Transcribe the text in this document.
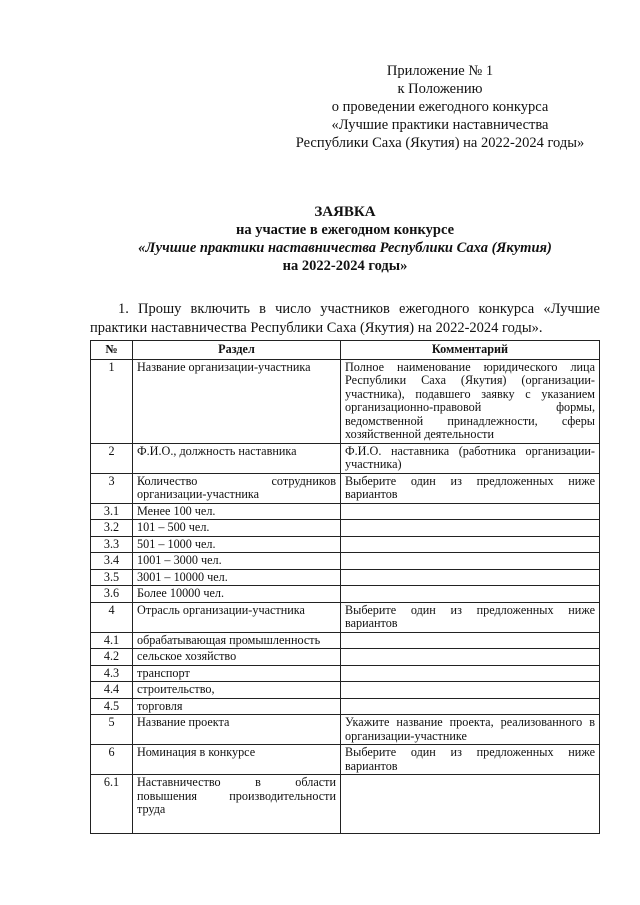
Приложение № 1
к Положению
о проведении ежегодного конкурса
«Лучшие практики наставничества
Республики Саха (Якутия) на 2022-2024 годы»
ЗАЯВКА
на участие в ежегодном конкурсе
«Лучшие практики наставничества Республики Саха (Якутия)
на 2022-2024 годы»
1. Прошу включить в число участников ежегодного конкурса «Лучшие практики наставничества Республики Саха (Якутия) на 2022-2024 годы».
№	Раздел	Комментарий
1	Название организации-участника	Полное наименование юридического лица Республики Саха (Якутия) (организации-участника), подавшего заявку с указанием организационно-правовой формы, ведомственной принадлежности, сферы хозяйственной деятельности
2	Ф.И.О., должность наставника	Ф.И.О. наставника (работника организации-участника)
3	Количество сотрудников организации-участника	Выберите один из предложенных ниже вариантов
3.1	Менее 100 чел.	
3.2	101 – 500 чел.	
3.3	501 – 1000 чел.	
3.4	1001 – 3000 чел.	
3.5	3001 – 10000 чел.	
3.6	Более 10000 чел.	
4	Отрасль организации-участника	Выберите один из предложенных ниже вариантов
4.1	обрабатывающая промышленность	
4.2	сельское хозяйство	
4.3	транспорт	
4.4	строительство,	
4.5	торговля	
5	Название проекта	Укажите название проекта, реализованного в организации-участнике
6	Номинация в конкурсе	Выберите один из предложенных ниже вариантов
6.1	Наставничество в области повышения производительности труда	
